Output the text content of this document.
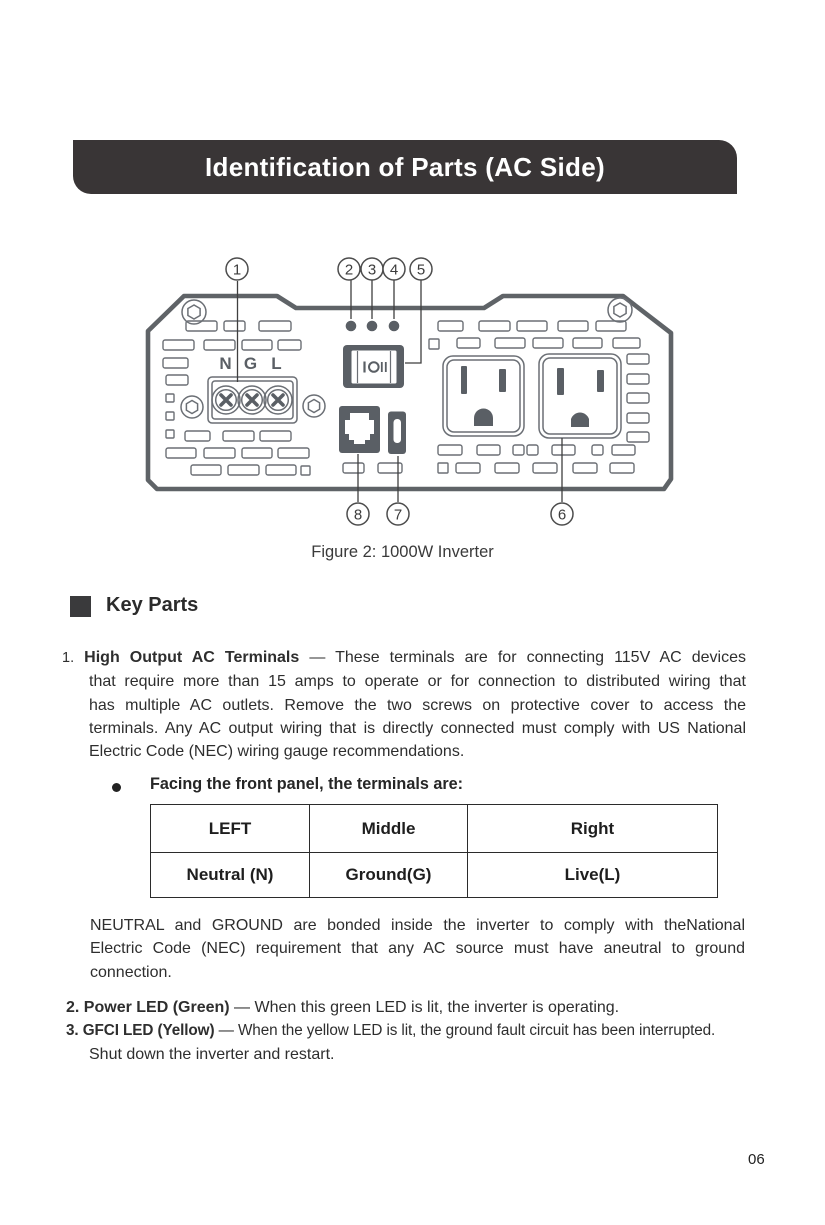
Identification of Parts (AC Side)
N G L
1	2 3 4 5
8 7	6
Figure 2: 1000W Inverter
Key Parts
1. High Output AC Terminals — These terminals are for connecting 115V AC devices
that require more than 15 amps to operate or for connection to distributed wiring that
has multiple AC outlets. Remove the two screws on protective cover to access the
terminals. Any AC output wiring that is directly connected must comply with US National
Electric Code (NEC) wiring gauge recommendations.
Facing the front panel, the terminals are:
LEFT	Middle	Right
Neutral (N)	Ground(G)	Live(L)
NEUTRAL and GROUND are bonded inside the inverter to comply with theNational
Electric Code (NEC) requirement that any AC source must have aneutral to ground
connection.
2. Power LED (Green) — When this green LED is lit, the inverter is operating.
3. GFCI LED (Yellow) — When the yellow LED is lit, the ground fault circuit has been interrupted.
Shut down the inverter and restart.
06
